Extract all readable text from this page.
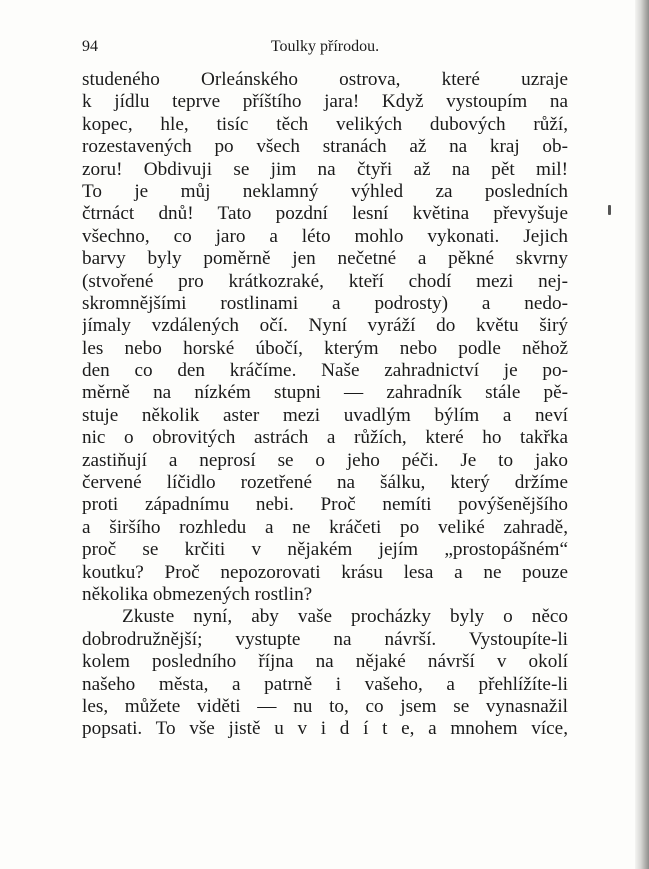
Toulky přírodou.
94
studeného Orleánského ostrova, které uzraje
k jídlu teprve příštího jara! Když vystoupím na
kopec, hle, tisíc těch velikých dubových růží,
rozestavených po všech stranách až na kraj ob-
zoru! Obdivuji se jim na čtyři až na pět mil!
To je můj neklamný výhled za posledních
čtrnáct dnů! Tato pozdní lesní květina převyšuje
všechno, co jaro a léto mohlo vykonati. Jejich
barvy byly poměrně jen nečetné a pěkné skvrny
(stvořené pro krátkozraké, kteří chodí mezi nej-
skromnějšími rostlinami a podrosty) a nedo-
jímaly vzdálených očí. Nyní vyráží do květu širý
les nebo horské úbočí, kterým nebo podle něhož
den co den kráčíme. Naše zahradnictví je po-
měrně na nízkém stupni — zahradník stále pě-
stuje několik aster mezi uvadlým býlím a neví
nic o obrovitých astrách a růžích, které ho takřka
zastiňují a neprosí se o jeho péči. Je to jako
červené líčidlo rozetřené na šálku, který držíme
proti západnímu nebi. Proč nemíti povýšenějšího
a širšího rozhledu a ne kráčeti po veliké zahradě,
proč se krčiti v nějakém jejím „prostopášném“
koutku? Proč nepozorovati krásu lesa a ne pouze
několika obmezených rostlin?
Zkuste nyní, aby vaše procházky byly o něco
dobrodružnější; vystupte na návrší. Vystoupíte-li
kolem posledního října na nějaké návrší v okolí
našeho města, a patrně i vašeho, a přehlížíte-li
les, můžete viděti — nu to, co jsem se vynasnažil
popsati. To vše jistě u v i d í t e, a mnohem více,
